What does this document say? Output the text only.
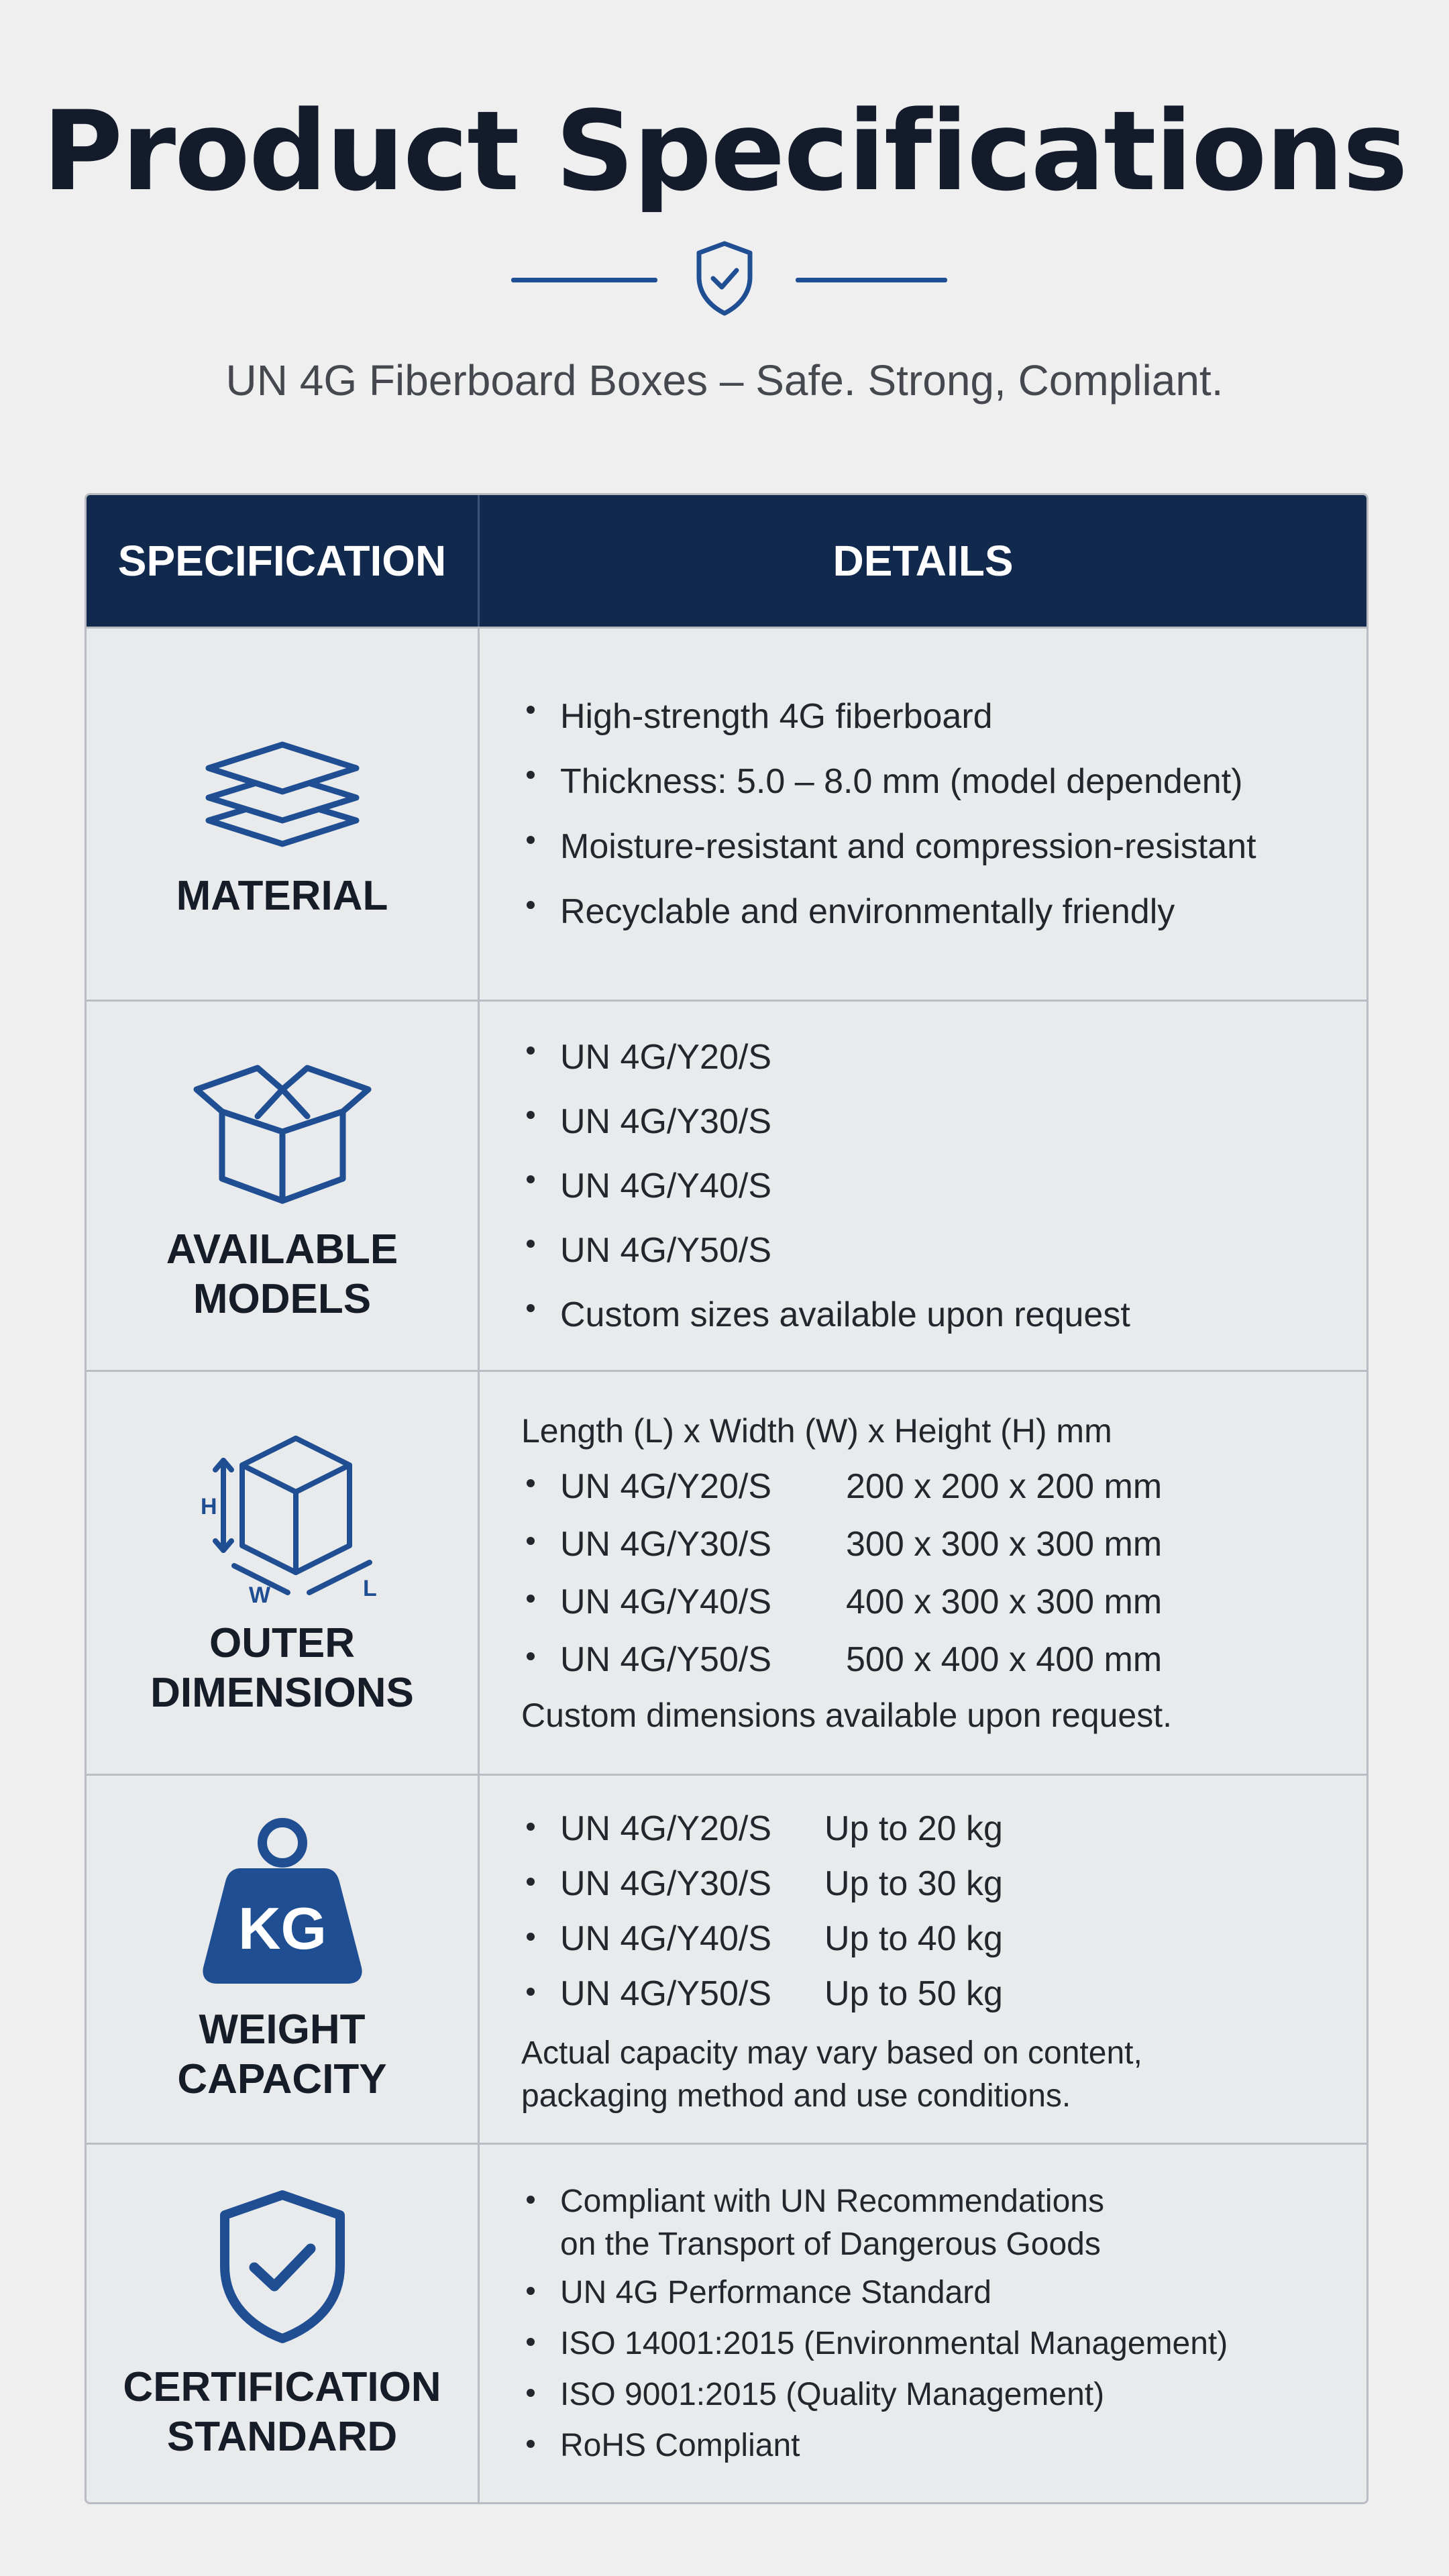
Product Specifications
UN 4G Fiberboard Boxes – Safe. Strong, Compliant.
SPECIFICATION	DETAILS
MATERIAL
High-strength 4G fiberboard
Thickness: 5.0 – 8.0 mm (model dependent)
Moisture-resistant and compression-resistant
Recyclable and environmentally friendly
AVAILABLE
MODELS
UN 4G/Y20/S
UN 4G/Y30/S
UN 4G/Y40/S
UN 4G/Y50/S
Custom sizes available upon request
H
W	L
OUTER
DIMENSIONS
Length (L) x Width (W) x Height (H) mm
UN 4G/Y20/S 200 x 200 x 200 mm
UN 4G/Y30/S 300 x 300 x 300 mm
UN 4G/Y40/S 400 x 300 x 300 mm
UN 4G/Y50/S 500 x 400 x 400 mm
Custom dimensions available upon request.
KG
WEIGHT
CAPACITY
UN 4G/Y20/S Up to 20 kg
UN 4G/Y30/S Up to 30 kg
UN 4G/Y40/S Up to 40 kg
UN 4G/Y50/S Up to 50 kg
Actual capacity may vary based on content,
packaging method and use conditions.
CERTIFICATION
STANDARD
Compliant with UN Recommendations
on the Transport of Dangerous Goods
UN 4G Performance Standard
ISO 14001:2015 (Environmental Management)
ISO 9001:2015 (Quality Management)
RoHS Compliant
